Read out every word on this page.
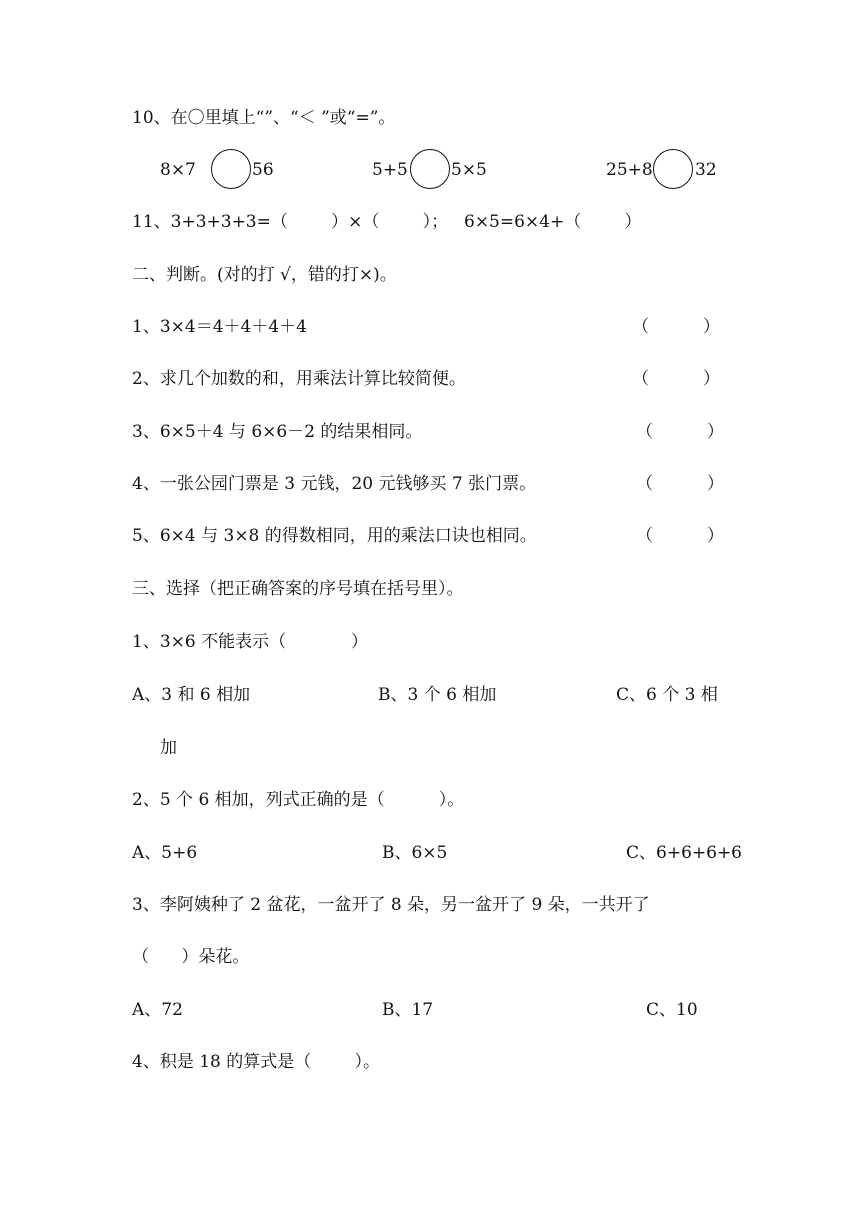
10、在〇里填上“”、“＜ ”或“=”。
8×7	56	5+5	5×5	25+8 32
11、3+3+3+3=（        ）×（        ）； 6×5=6×4+（        ）
二、判断。(对的打 √，错的打×)。
1、3×4＝4＋4＋4＋4	（          ）
2、求几个加数的和，用乘法计算比较简便。	（          ）
3、6×5＋4 与 6×6－2 的结果相同。	（          ）
4、一张公园门票是 3 元钱，20 元钱够买 7 张门票。	（          ）
5、6×4 与 3×8 的得数相同，用的乘法口诀也相同。	（          ）
三、选择（把正确答案的序号填在括号里）。
1、3×6 不能表示（            ）
A、3 和 6 相加	B、3 个 6 相加	C、6 个 3 相
加
2、5 个 6 相加，列式正确的是（          ）。
A、5+6	B、6×5	C、6+6+6+6
3、李阿姨种了 2 盆花，一盆开了 8 朵，另一盆开了 9 朵，一共开了
（      ）朵花。
A、72	B、17	C、10
4、积是 18 的算式是（        ）。
